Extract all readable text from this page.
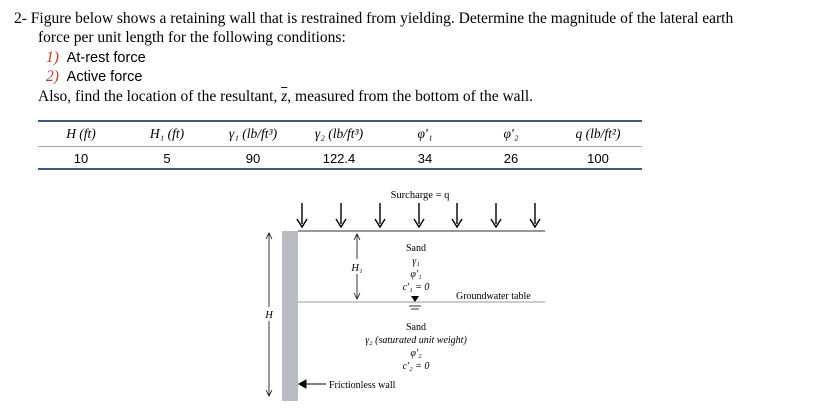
2- Figure below shows a retaining wall that is restrained from yielding. Determine the magnitude of the lateral earth
force per unit length for the following conditions:
1) At-rest force
2) Active force
Also, find the location of the resultant, $\overline{z}$, measured from the bottom of the wall.
H (ft)	H₁ (ft)	γ₁ (lb/ft³)	γ₂ (lb/ft³)	φ'₁	φ'₂	q (lb/ft²)
10	5	90	122.4	34	26	100
Surcharge = q
H₁
H
Sand
γ₁
φ'₁
c'₁ = 0
Groundwater table
Sand
γ₂ (saturated unit weight)
φ'₂
c'₂ = 0
Frictionless wall
